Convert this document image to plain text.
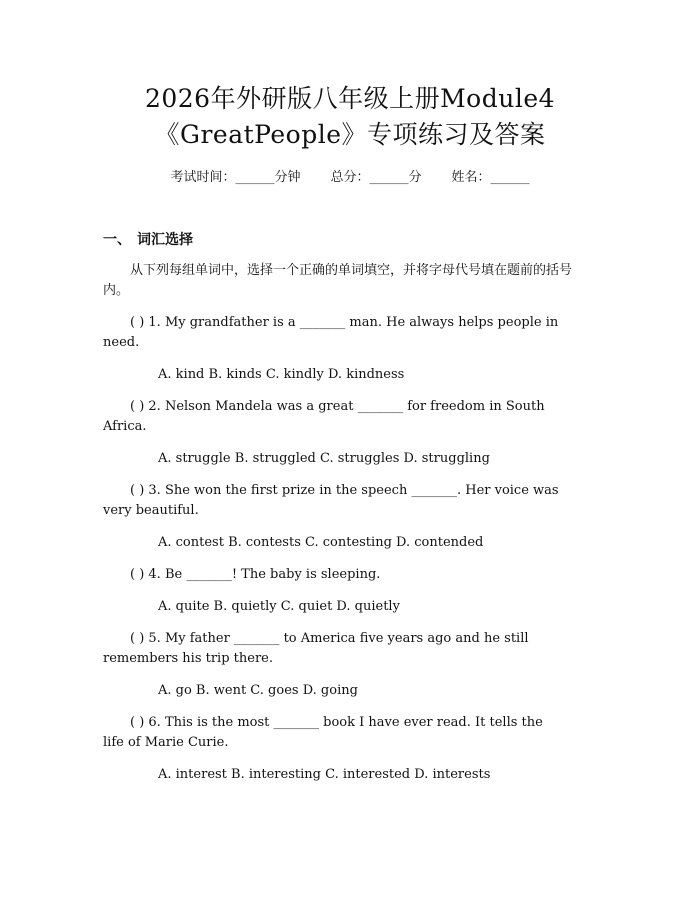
2026年外研版八年级上册Module4
《GreatPeople》专项练习及答案
考试时间：______分钟 总分：______分 姓名：______
一、 词汇选择
从下列每组单词中，选择一个正确的单词填空，并将字母代号填在题前的括号
内。
( ) 1. My grandfather is a _______ man. He always helps people in
need.
A. kind B. kinds C. kindly D. kindness
( ) 2. Nelson Mandela was a great _______ for freedom in South
Africa.
A. struggle B. struggled C. struggles D. struggling
( ) 3. She won the first prize in the speech _______. Her voice was
very beautiful.
A. contest B. contests C. contesting D. contended
( ) 4. Be _______! The baby is sleeping.
A. quite B. quietly C. quiet D. quietly
( ) 5. My father _______ to America five years ago and he still
remembers his trip there.
A. go B. went C. goes D. going
( ) 6. This is the most _______ book I have ever read. It tells the
life of Marie Curie.
A. interest B. interesting C. interested D. interests
